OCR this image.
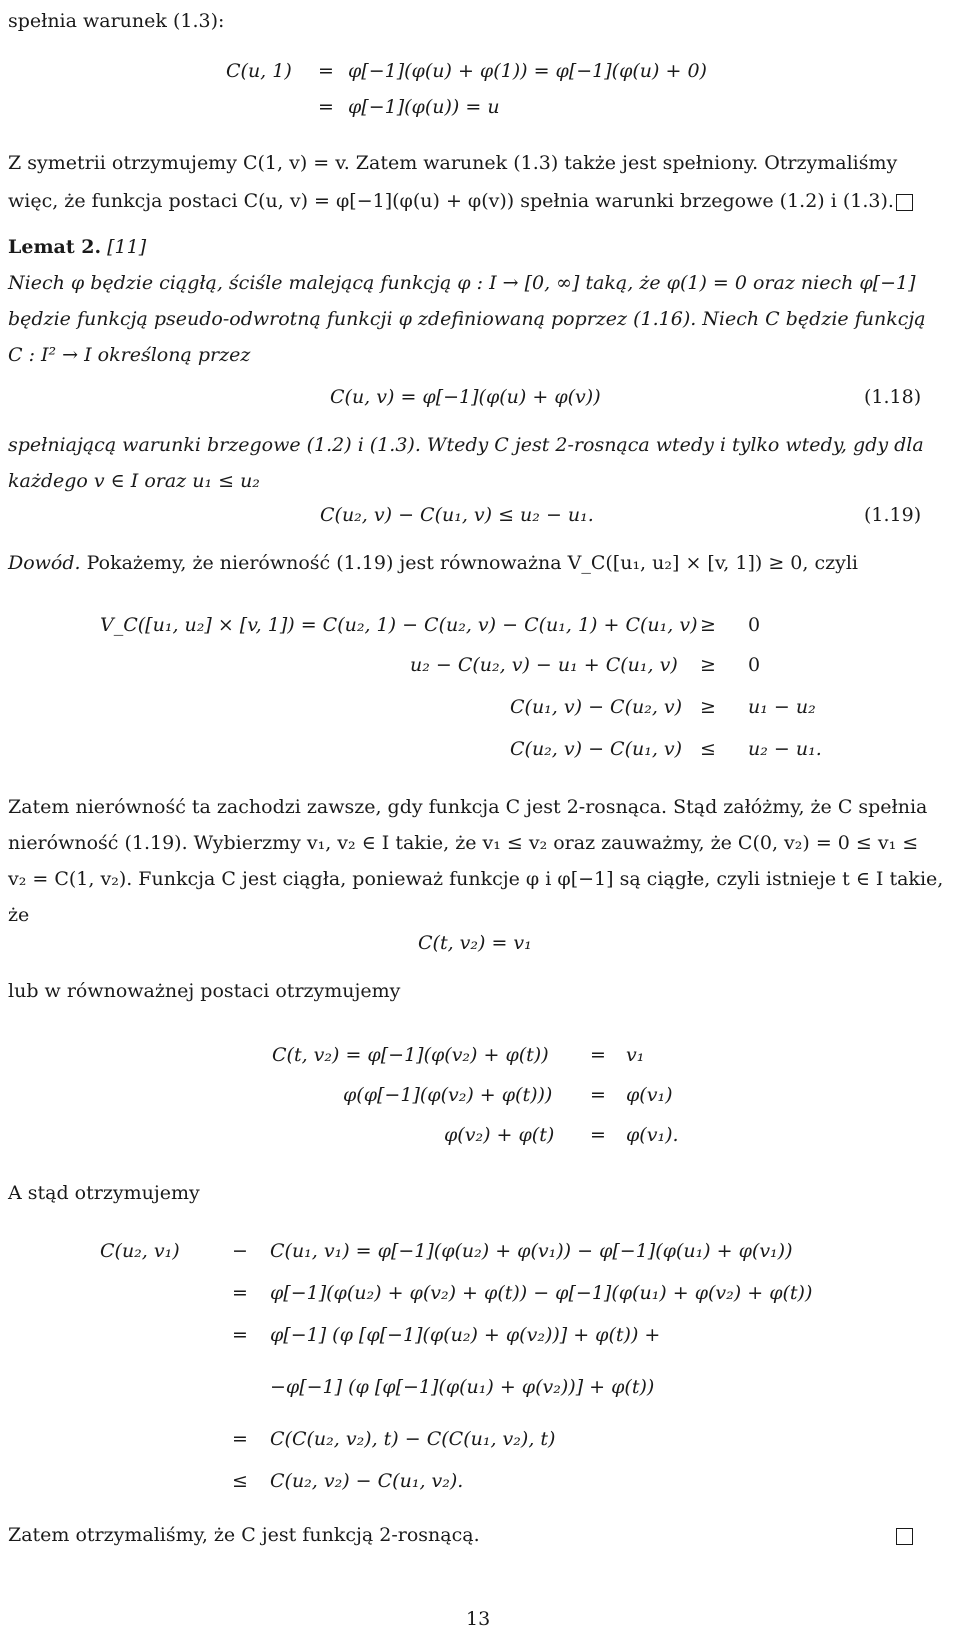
spełnia warunek (1.3):
C(u, 1) = φ[−1](φ(u) + φ(1)) = φ[−1](φ(u) + 0)
= φ[−1](φ(u)) = u
Z symetrii otrzymujemy C(1, v) = v. Zatem warunek (1.3) także jest spełniony. Otrzymaliśmy
więc, że funkcja postaci C(u, v) = φ[−1](φ(u) + φ(v)) spełnia warunki brzegowe (1.2) i (1.3).
Lemat 2. [11]
Niech φ będzie ciągłą, ściśle malejącą funkcją φ : I → [0, ∞] taką, że φ(1) = 0 oraz niech φ[−1]
będzie funkcją pseudo-odwrotną funkcji φ zdefiniowaną poprzez (1.16). Niech C będzie funkcją
C : I² → I określoną przez
C(u, v) = φ[−1](φ(u) + φ(v))	(1.18)
spełniającą warunki brzegowe (1.2) i (1.3). Wtedy C jest 2-rosnąca wtedy i tylko wtedy, gdy dla
każdego v ∈ I oraz u₁ ≤ u₂
C(u₂, v) − C(u₁, v) ≤ u₂ − u₁.	(1.19)
Dowód. Pokażemy, że nierówność (1.19) jest równoważna V_C([u₁, u₂] × [v, 1]) ≥ 0, czyli
V_C([u₁, u₂] × [v, 1]) = C(u₂, 1) − C(u₂, v) − C(u₁, 1) + C(u₁, v) ≥ 0
u₂ − C(u₂, v) − u₁ + C(u₁, v) ≥ 0
C(u₁, v) − C(u₂, v) ≥ u₁ − u₂
C(u₂, v) − C(u₁, v) ≤ u₂ − u₁.
Zatem nierówność ta zachodzi zawsze, gdy funkcja C jest 2-rosnąca. Stąd załóżmy, że C spełnia
nierówność (1.19). Wybierzmy v₁, v₂ ∈ I takie, że v₁ ≤ v₂ oraz zauważmy, że C(0, v₂) = 0 ≤ v₁ ≤
v₂ = C(1, v₂). Funkcja C jest ciągła, ponieważ funkcje φ i φ[−1] są ciągłe, czyli istnieje t ∈ I takie,
że
C(t, v₂) = v₁
lub w równoważnej postaci otrzymujemy
C(t, v₂) = φ[−1](φ(v₂) + φ(t)) = v₁
φ(φ[−1](φ(v₂) + φ(t))) = φ(v₁)
φ(v₂) + φ(t) = φ(v₁).
A stąd otrzymujemy
C(u₂, v₁)	− C(u₁, v₁) = φ[−1](φ(u₂) + φ(v₁)) − φ[−1](φ(u₁) + φ(v₁))
= φ[−1](φ(u₂) + φ(v₂) + φ(t)) − φ[−1](φ(u₁) + φ(v₂) + φ(t))
= φ[−1] (φ [φ[−1](φ(u₂) + φ(v₂))] + φ(t)) +
−φ[−1] (φ [φ[−1](φ(u₁) + φ(v₂))] + φ(t))
= C(C(u₂, v₂), t) − C(C(u₁, v₂), t)
≤ C(u₂, v₂) − C(u₁, v₂).
Zatem otrzymaliśmy, że C jest funkcją 2-rosnącą.
13
